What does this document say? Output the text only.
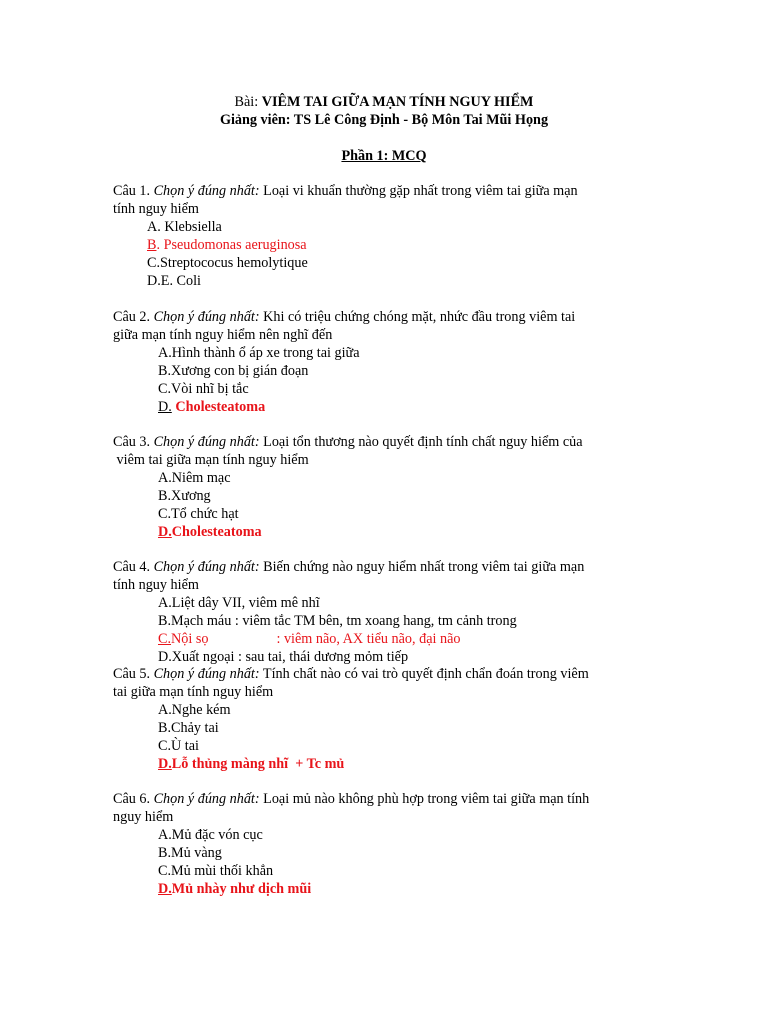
Bài: VIÊM TAI GIỮA MẠN TÍNH NGUY HIỂM
Giảng viên: TS Lê Công Định - Bộ Môn Tai Mũi Họng
Phần 1: MCQ
Câu 1. Chọn ý đúng nhất: Loại vi khuẩn thường gặp nhất trong viêm tai giữa mạn
tính nguy hiểm
A. Klebsiella
B. Pseudomonas aeruginosa
C.Streptococus hemolytique
D.E. Coli
Câu 2. Chọn ý đúng nhất: Khi có triệu chứng chóng mặt, nhức đầu trong viêm tai
giữa mạn tính nguy hiểm nên nghĩ đến
A.Hình thành ổ áp xe trong tai giữa
B.Xương con bị gián đoạn
C.Vòi nhĩ bị tắc
D. Cholesteatoma
Câu 3. Chọn ý đúng nhất: Loại tổn thương nào quyết định tính chất nguy hiểm của
viêm tai giữa mạn tính nguy hiểm
A.Niêm mạc
B.Xương
C.Tổ chức hạt
D.Cholesteatoma
Câu 4. Chọn ý đúng nhất: Biến chứng nào nguy hiểm nhất trong viêm tai giữa mạn
tính nguy hiểm
A.Liệt dây VII, viêm mê nhĩ
B.Mạch máu : viêm tắc TM bên, tm xoang hang, tm cảnh trong
C.Nội sọ	: viêm não, AX tiểu não, đại não
D.Xuất ngoại : sau tai, thái dương mỏm tiếp
Câu 5. Chọn ý đúng nhất: Tính chất nào có vai trò quyết định chẩn đoán trong viêm
tai giữa mạn tính nguy hiểm
A.Nghe kém
B.Chảy tai
C.Ù tai
D.Lỗ thủng màng nhĩ  + Tc mủ
Câu 6. Chọn ý đúng nhất: Loại mủ nào không phù hợp trong viêm tai giữa mạn tính
nguy hiểm
A.Mủ đặc vón cục
B.Mủ vàng
C.Mủ mùi thối khẳn
D.Mủ nhày như dịch mũi
